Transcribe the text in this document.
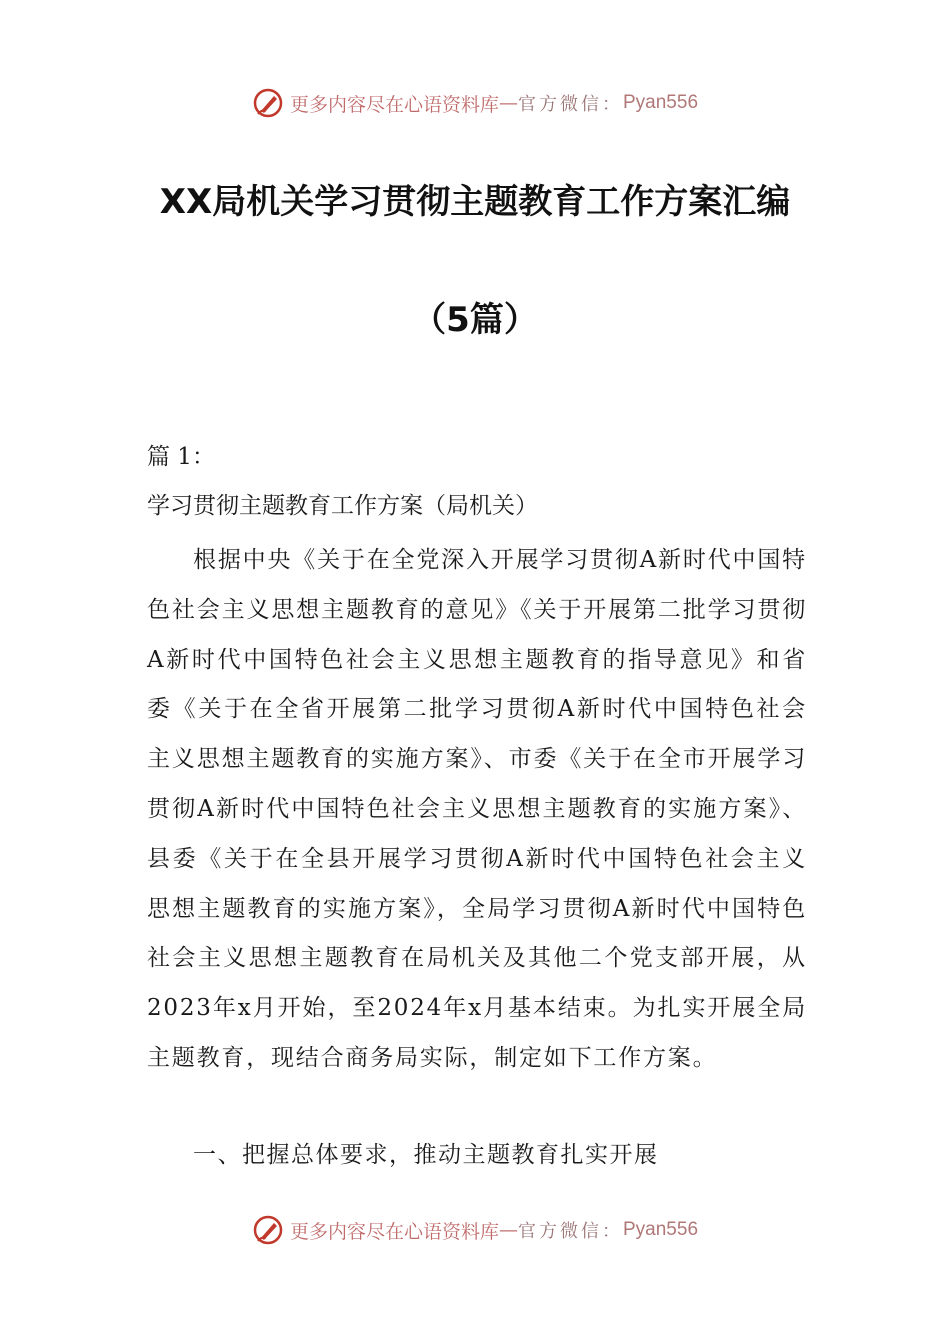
更多内容尽在心语资料库 — 官方微信： Pyan556
XX局机关学习贯彻主题教育工作方案汇编
（5篇）
篇 1：
学习贯彻主题教育工作方案（局机关）
根据中央《关于在全党深入开展学习贯彻A新时代中国特色社会主义思想主题教育的意见》《关于开展第二批学习贯彻A新时代中国特色社会主义思想主题教育的指导意见》和省委《关于在全省开展第二批学习贯彻A新时代中国特色社会主义思想主题教育的实施方案》、市委《关于在全市开展学习贯彻A新时代中国特色社会主义思想主题教育的实施方案》、县委《关于在全县开展学习贯彻A新时代中国特色社会主义思想主题教育的实施方案》，全局学习贯彻A新时代中国特色社会主义思想主题教育在局机关及其他二个党支部开展，从2023年x月开始，至2024年x月基本结束。为扎实开展全局主题教育，现结合商务局实际，制定如下工作方案。
一、把握总体要求，推动主题教育扎实开展
更多内容尽在心语资料库 — 官方微信： Pyan556
